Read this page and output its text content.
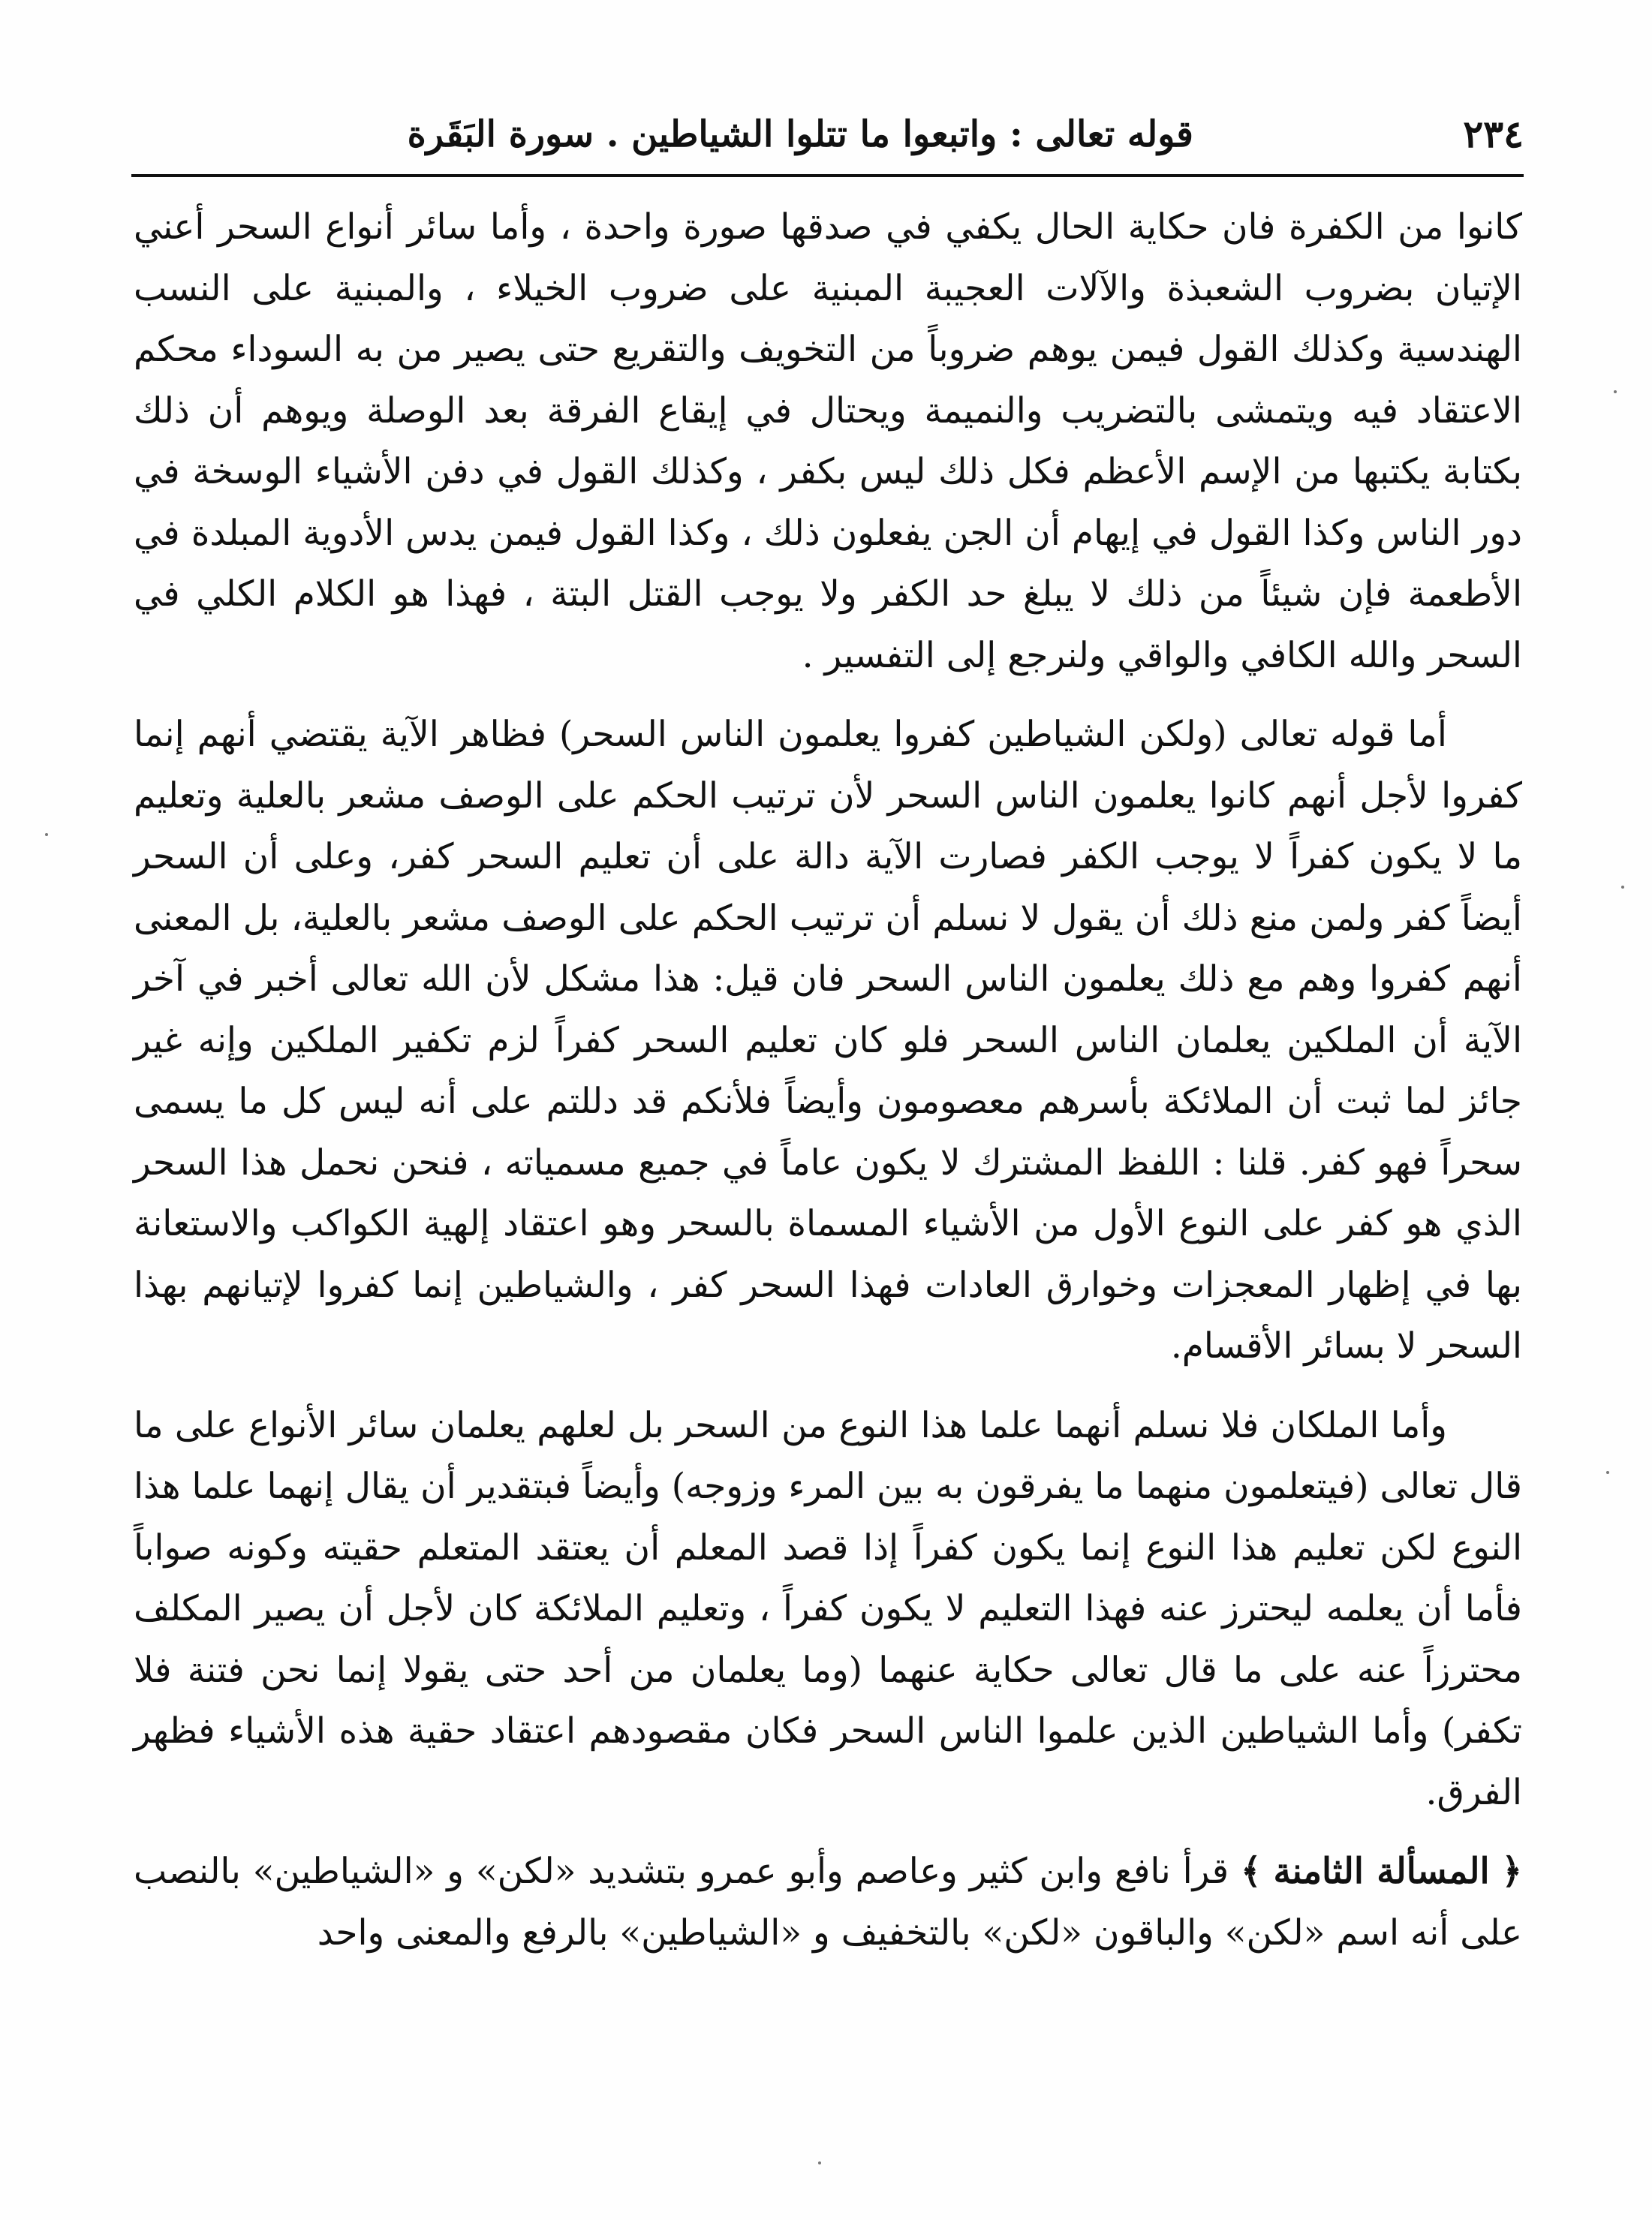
٢٣٤
قوله تعالى : واتبعوا ما تتلوا الشياطين . سورة البَقَرة

كانوا من الكفرة فان حكاية الحال يكفي في صدقها صورة واحدة ، وأما سائر أنواع السحر أعني الإتيان بضروب الشعبذة والآلات العجيبة المبنية على ضروب الخيلاء ، والمبنية على النسب الهندسية وكذلك القول فيمن يوهم ضروباً من التخويف والتقريع حتى يصير من به السوداء محكم الاعتقاد فيه ويتمشى بالتضريب والنميمة ويحتال في إيقاع الفرقة بعد الوصلة ويوهم أن ذلك بكتابة يكتبها من الإسم الأعظم فكل ذلك ليس بكفر ، وكذلك القول في دفن الأشياء الوسخة في دور الناس وكذا القول في إيهام أن الجن يفعلون ذلك ، وكذا القول فيمن يدس الأدوية المبلدة في الأطعمة فإن شيئاً من ذلك لا يبلغ حد الكفر ولا يوجب القتل البتة ، فهذا هو الكلام الكلي في السحر والله الكافي والواقي ولنرجع إلى التفسير .

أما قوله تعالى (ولكن الشياطين كفروا يعلمون الناس السحر) فظاهر الآية يقتضي أنهم إنما كفروا لأجل أنهم كانوا يعلمون الناس السحر لأن ترتيب الحكم على الوصف مشعر بالعلية وتعليم ما لا يكون كفراً لا يوجب الكفر فصارت الآية دالة على أن تعليم السحر كفر، وعلى أن السحر أيضاً كفر ولمن منع ذلك أن يقول لا نسلم أن ترتيب الحكم على الوصف مشعر بالعلية، بل المعنى أنهم كفروا وهم مع ذلك يعلمون الناس السحر فان قيل: هذا مشكل لأن الله تعالى أخبر في آخر الآية أن الملكين يعلمان الناس السحر فلو كان تعليم السحر كفراً لزم تكفير الملكين وإنه غير جائز لما ثبت أن الملائكة بأسرهم معصومون وأيضاً فلأنكم قد دللتم على أنه ليس كل ما يسمى سحراً فهو كفر. قلنا : اللفظ المشترك لا يكون عاماً في جميع مسمياته ، فنحن نحمل هذا السحر الذي هو كفر على النوع الأول من الأشياء المسماة بالسحر وهو اعتقاد إلهية الكواكب والاستعانة بها في إظهار المعجزات وخوارق العادات فهذا السحر كفر ، والشياطين إنما كفروا لإتيانهم بهذا السحر لا بسائر الأقسام.

وأما الملكان فلا نسلم أنهما علما هذا النوع من السحر بل لعلهم يعلمان سائر الأنواع على ما قال تعالى (فيتعلمون منهما ما يفرقون به بين المرء وزوجه) وأيضاً فبتقدير أن يقال إنهما علما هذا النوع لكن تعليم هذا النوع إنما يكون كفراً إذا قصد المعلم أن يعتقد المتعلم حقيته وكونه صواباً فأما أن يعلمه ليحترز عنه فهذا التعليم لا يكون كفراً ، وتعليم الملائكة كان لأجل أن يصير المكلف محترزاً عنه على ما قال تعالى حكاية عنهما (وما يعلمان من أحد حتى يقولا إنما نحن فتنة فلا تكفر) وأما الشياطين الذين علموا الناس السحر فكان مقصودهم اعتقاد حقية هذه الأشياء فظهر الفرق.

﴿ المسألة الثامنة ﴾ قرأ نافع وابن كثير وعاصم وأبو عمرو بتشديد «لكن» و «الشياطين» بالنصب على أنه اسم «لكن» والباقون «لكن» بالتخفيف و «الشياطين» بالرفع والمعنى واحد
